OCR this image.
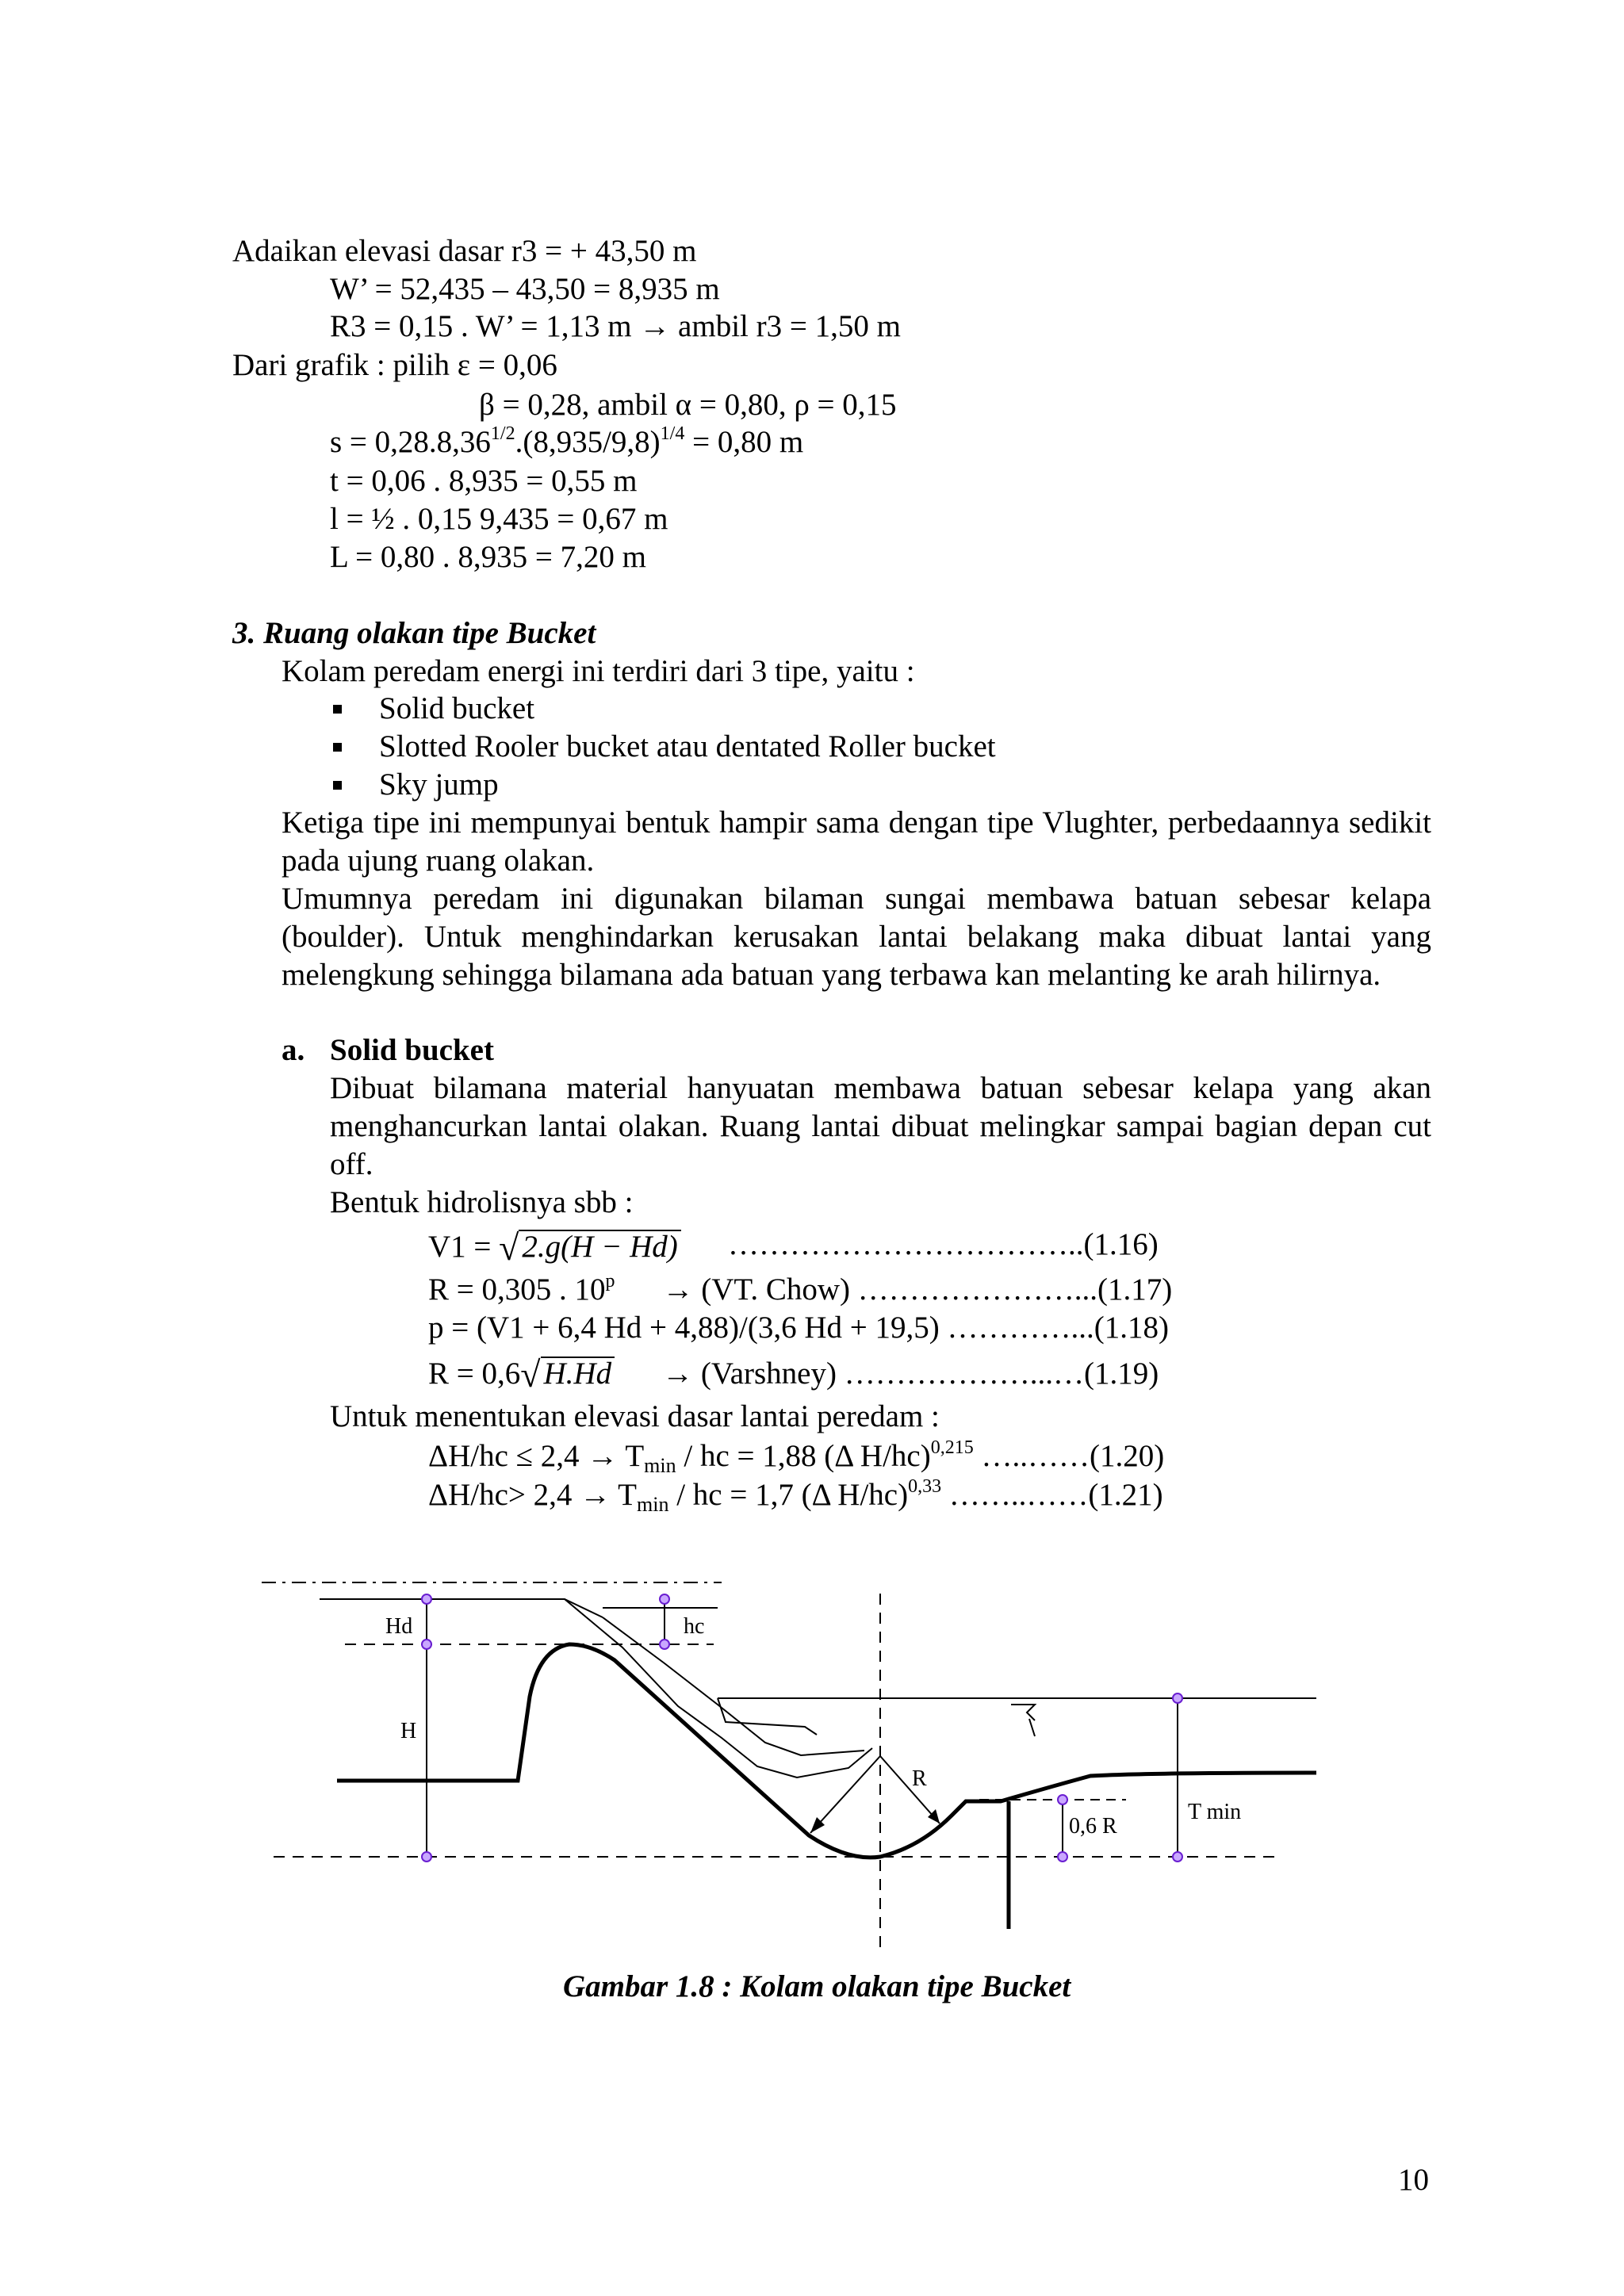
Adaikan elevasi dasar r3 = + 43,50 m
W’ = 52,435 – 43,50 = 8,935 m
R3 = 0,15 . W’ = 1,13 m → ambil r3 = 1,50 m
Dari grafik : pilih ε = 0,06
β = 0,28, ambil α = 0,80, ρ = 0,15
$s = 0,28.8,36^{1/2}.(8,935/9,8)^{1/4} = 0,80$ m
t = 0,06 . 8,935 = 0,55 m
l = ½ . 0,15 9,435 = 0,67 m
L = 0,80 . 8,935 = 7,20 m
3. Ruang olakan tipe Bucket
Kolam peredam energi ini terdiri dari 3 tipe, yaitu :
Solid bucket
Slotted Rooler bucket atau dentated Roller bucket
Sky jump
Ketiga tipe ini mempunyai bentuk hampir sama dengan tipe Vlughter, perbedaannya sedikit pada ujung ruang olakan.
Umumnya peredam ini digunakan bilaman sungai membawa batuan sebesar kelapa (boulder). Untuk menghindarkan kerusakan lantai belakang maka dibuat lantai yang melengkung sehingga bilamana ada batuan yang terbawa kan melanting ke arah hilirnya.
a. Solid bucket
Dibuat bilamana material hanyuatan membawa batuan sebesar kelapa yang akan menghancurkan lantai olakan. Ruang lantai dibuat melingkar sampai bagian depan cut off.
Bentuk hidrolisnya sbb :
V1 = √ 2.g(H − Hd) ……………………………..(1.16)
R = 0,305 . $10^p \to (VT$. Chow) …………………...(1.17)
p = (V1 + 6,4 Hd + 4,88)/(3,6 Hd + 19,5) …………...(1.18)
R = 0,6√ H.Hd → (Varshney) ………………...…(1.19)
Untuk menentukan elevasi dasar lantai peredam :
$\Delta H/hc \le 2,4 \to T_{min}$ / hc = 1,88 (Δ H/hc)$^{0,215}$ …..……(1.20)
$\Delta H/hc> 2,4 \to T_{min}$ / hc = 1,7 (Δ H/hc)$^{0,33}$ ……..……(1.21)
Hd	hc
H
R
0,6 R
T min
Gambar 1.8 : Kolam olakan tipe Bucket
10
